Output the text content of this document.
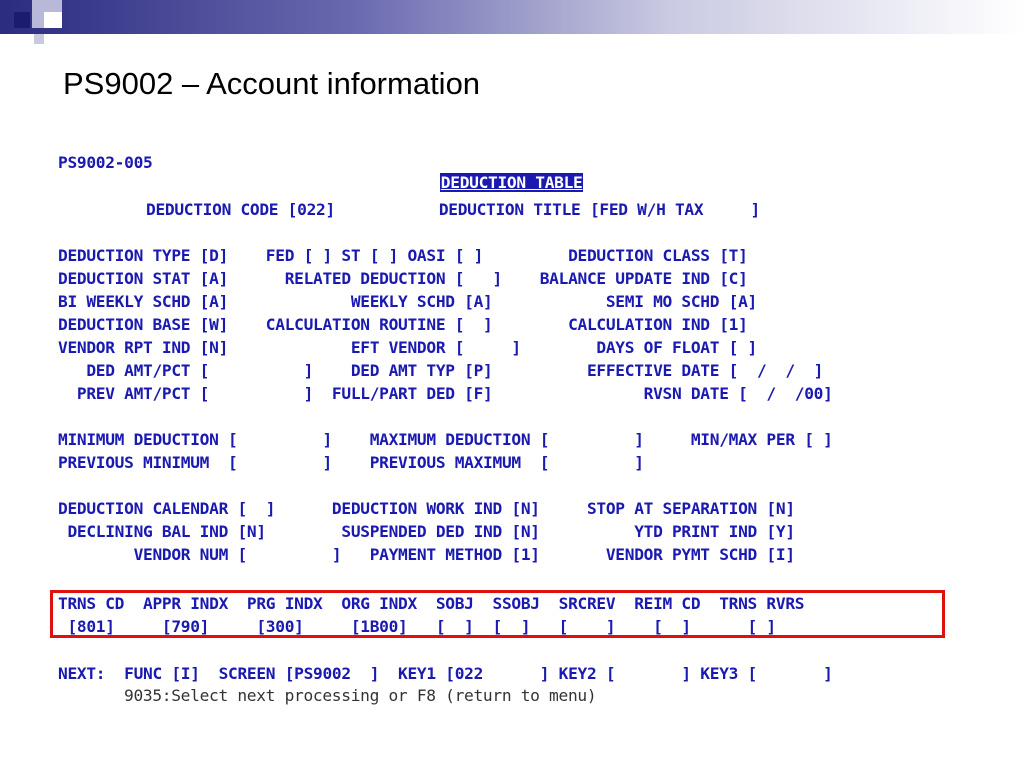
PS9002 – Account information
PS9002-005

DEDUCTION TABLE

DEDUCTION CODE [022]           DEDUCTION TITLE [FED W/H TAX     ]
DEDUCTION TYPE [D]    FED [ ] ST [ ] OASI [ ]         DEDUCTION CLASS [T]
DEDUCTION STAT [A]      RELATED DEDUCTION [   ]    BALANCE UPDATE IND [C]
BI WEEKLY SCHD [A]             WEEKLY SCHD [A]            SEMI MO SCHD [A]
DEDUCTION BASE [W]    CALCULATION ROUTINE [  ]        CALCULATION IND [1]
VENDOR RPT IND [N]             EFT VENDOR [     ]        DAYS OF FLOAT [ ]
DED AMT/PCT [          ]    DED AMT TYP [P]          EFFECTIVE DATE [  /  /  ]
PREV AMT/PCT [          ]  FULL/PART DED [F]                RVSN DATE [  /  /00]
MINIMUM DEDUCTION [         ]    MAXIMUM DEDUCTION [         ]     MIN/MAX PER [ ]
PREVIOUS MINIMUM  [         ]    PREVIOUS MAXIMUM  [         ]
DEDUCTION CALENDAR [  ]      DEDUCTION WORK IND [N]     STOP AT SEPARATION [N]
DECLINING BAL IND [N]        SUSPENDED DED IND [N]          YTD PRINT IND [Y]
VENDOR NUM [         ]   PAYMENT METHOD [1]       VENDOR PYMT SCHD [I]
TRNS CD  APPR INDX  PRG INDX  ORG INDX  SOBJ  SSOBJ  SRCREV  REIM CD  TRNS RVRS
[801]     [790]     [300]     [1B00]   [  ]  [  ]   [    ]    [  ]      [ ]
NEXT:  FUNC [I]  SCREEN [PS9002  ]  KEY1 [022      ] KEY2 [       ] KEY3 [       ]
9035:Select next processing or F8 (return to menu)
